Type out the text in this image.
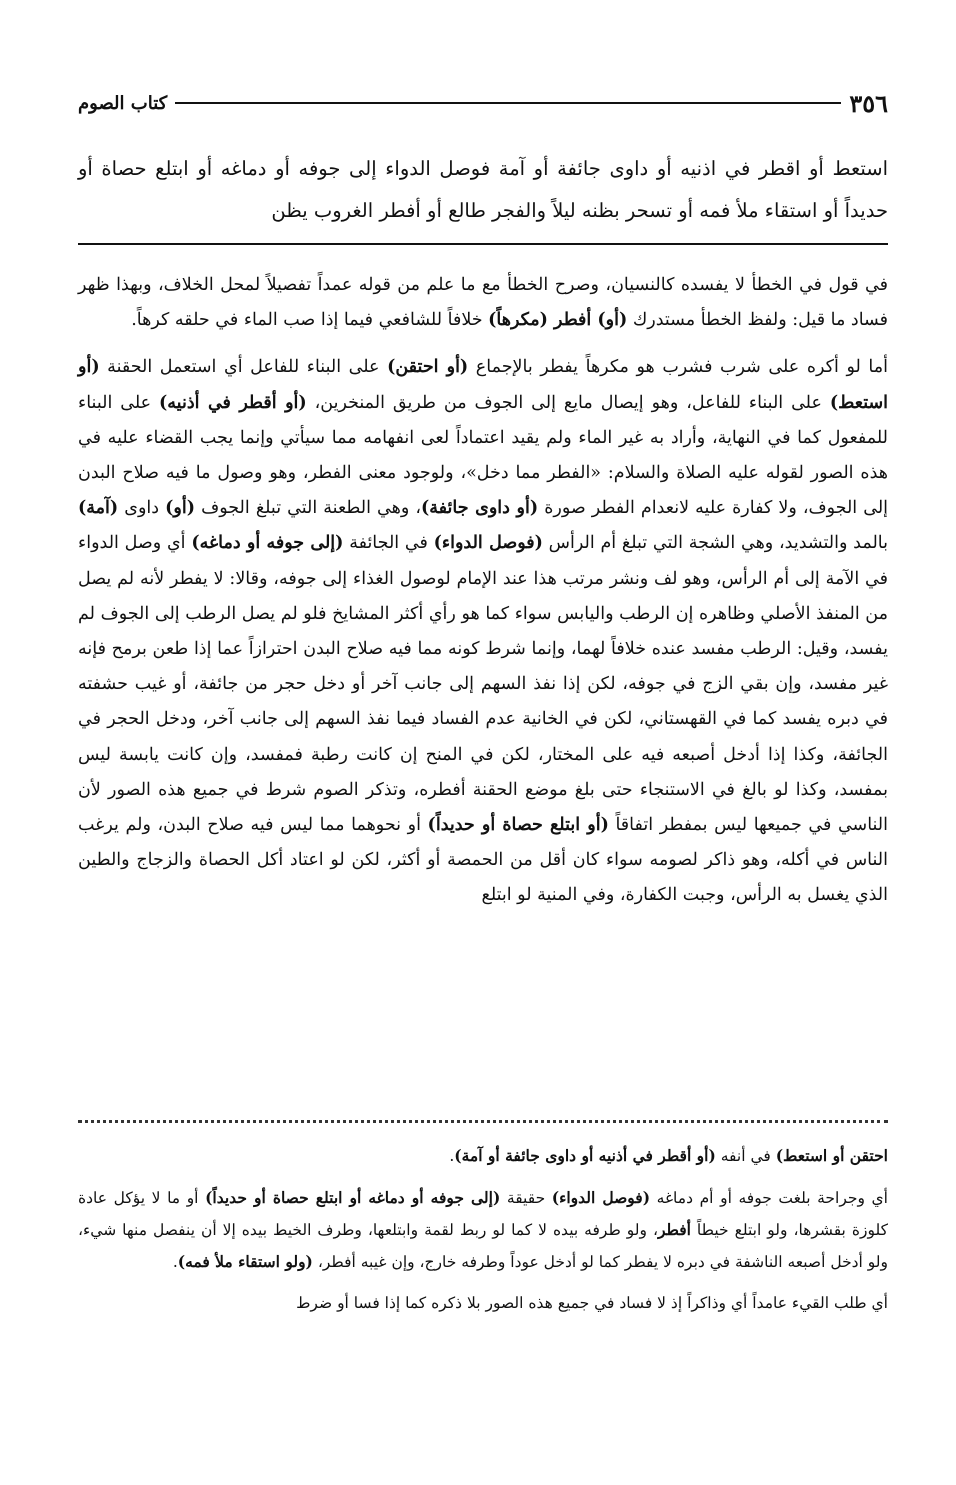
٣٥٦
كتاب الصوم

استعط أو اقطر في اذنيه أو داوى جائفة أو آمة فوصل الدواء إلى جوفه أو دماغه أو ابتلع حصاة أو حديداً أو استقاء ملأ فمه أو تسحر بظنه ليلاً والفجر طالع أو أفطر الغروب يظن

في قول في الخطأ لا يفسده كالنسيان، وصرح الخطأ مع ما علم من قوله عمداً تفصيلاً لمحل الخلاف، وبهذا ظهر فساد ما قيل: ولفظ الخطأ مستدرك (أو) أفطر (مكرهاً) خلافاً للشافعي فيما إذا صب الماء في حلقه كرهاً.

أما لو أكره على شرب فشرب هو مكرهاً يفطر بالإجماع (أو احتقن) على البناء للفاعل أي استعمل الحقنة (أو استعط) على البناء للفاعل، وهو إيصال مايع إلى الجوف من طريق المنخرين، (أو أقطر في أذنيه) على البناء للمفعول كما في النهاية، وأراد به غير الماء ولم يقيد اعتماداً لعى انفهامه مما سيأتي وإنما يجب القضاء عليه في هذه الصور لقوله عليه الصلاة والسلام: «الفطر مما دخل»، ولوجود معنى الفطر، وهو وصول ما فيه صلاح البدن إلى الجوف، ولا كفارة عليه لانعدام الفطر صورة (أو داوى جائفة)، وهي الطعنة التي تبلغ الجوف (أو) داوى (آمة) بالمد والتشديد، وهي الشجة التي تبلغ أم الرأس (فوصل الدواء) في الجائفة (إلى جوفه أو دماغه) أي وصل الدواء في الآمة إلى أم الرأس، وهو لف ونشر مرتب هذا عند الإمام لوصول الغذاء إلى جوفه، وقالا: لا يفطر لأنه لم يصل من المنفذ الأصلي وظاهره إن الرطب واليابس سواء كما هو رأي أكثر المشايخ فلو لم يصل الرطب إلى الجوف لم يفسد، وقيل: الرطب مفسد عنده خلافاً لهما، وإنما شرط كونه مما فيه صلاح البدن احترازاً عما إذا طعن برمح فإنه غير مفسد، وإن بقي الزج في جوفه، لكن إذا نفذ السهم إلى جانب آخر أو دخل حجر من جائفة، أو غيب حشفته في دبره يفسد كما في القهستاني، لكن في الخانية عدم الفساد فيما نفذ السهم إلى جانب آخر، ودخل الحجر في الجائفة، وكذا إذا أدخل أصبعه فيه على المختار، لكن في المنح إن كانت رطبة فمفسد، وإن كانت يابسة ليس بمفسد، وكذا لو بالغ في الاستنجاء حتى بلغ موضع الحقنة أفطره، وتذكر الصوم شرط في جميع هذه الصور لأن الناسي في جميعها ليس بمفطر اتفاقاً (أو ابتلع حصاة أو حديداً) أو نحوهما مما ليس فيه صلاح البدن، ولم يرغب الناس في أكله، وهو ذاكر لصومه سواء كان أقل من الحمصة أو أكثر، لكن لو اعتاد أكل الحصاة والزجاج والطين الذي يغسل به الرأس، وجبت الكفارة، وفي المنية لو ابتلع

احتقن أو استعط) في أنفه (أو أقطر في أذنيه أو داوى جائفة أو آمة).

أي وجراحة بلغت جوفه أو أم دماغه (فوصل الدواء) حقيقة (إلى جوفه أو دماغه أو ابتلع حصاة أو حديداً) أو ما لا يؤكل عادة كلوزة بقشرها، ولو ابتلع خيطاً أفطر، ولو طرفه بيده لا كما لو ربط لقمة وابتلعها، وطرف الخيط بيده إلا أن ينفصل منها شيء، ولو أدخل أصبعه الناشفة في دبره لا يفطر كما لو أدخل عوداً وطرفه خارج، وإن غيبه أفطر، (ولو استقاء ملأ فمه).

أي طلب القيء عامداً أي وذاكراً إذ لا فساد في جميع هذه الصور بلا ذكره كما إذا فسا أو ضرط
